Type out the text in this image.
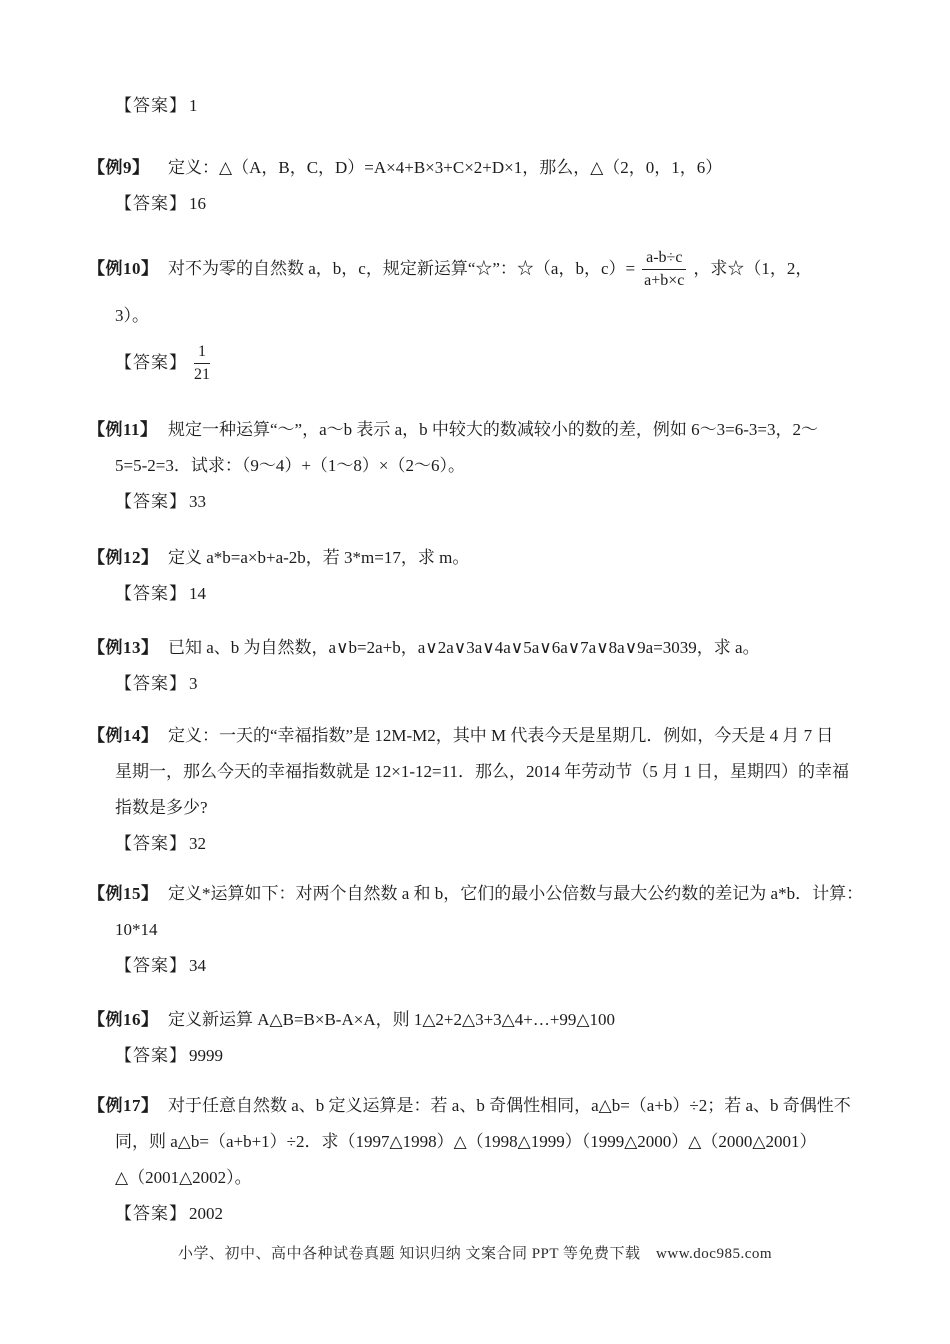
【答案】 1
【例9】	定义：△（A，B，C，D）=A×4+B×3+C×2+D×1，那么，△（2，0，1，6）
【答案】 16
【例10】 对不为零的自然数 a，b，c，规定新运算“☆”：☆（a，b，$c)= \frac{a-b\div c}{a+b\times c}$ ，求☆（1，2，
3）。
【答案】 $\frac{1}{21}$
【例11】 规定一种运算“～”，a～b 表示 a，b 中较大的数减较小的数的差，例如 6～3=6-3=3，2～
5=5-2=3．试求：（9～4）+（1～8）×（2～6）。
【答案】 33
【例12】 定义 a*b=a×b+a-2b，若 3*m=17，求 m。
【答案】 14
【例13】 已知 a、b 为自然数，a∨b=2a+b，a∨2a∨3a∨4a∨5a∨6a∨7a∨8a∨9a=3039，求 a。
【答案】 3
【例14】 定义：一天的“幸福指数”是 12M-M2，其中 M 代表今天是星期几．例如，今天是 4 月 7 日
星期一，那么今天的幸福指数就是 12×1-12=11．那么，2014 年劳动节（5 月 1 日，星期四）的幸福
指数是多少?
【答案】 32
【例15】 定义*运算如下：对两个自然数 a 和 b，它们的最小公倍数与最大公约数的差记为 a*b．计算：
10*14
【答案】 34
【例16】 定义新运算 A△B=B×B-A×A，则 1△2+2△3+3△4+…+99△100
【答案】 9999
【例17】 对于任意自然数 a、b 定义运算是：若 a、b 奇偶性相同，a△b=（a+b）÷2；若 a、b 奇偶性不
同，则 a△b=（a+b+1）÷2．求（1997△1998）△（1998△1999）（1999△2000）△（2000△2001）
△（2001△2002）。
【答案】 2002
小学、初中、高中各种试卷真题 知识归纳 文案合同 PPT 等免费下载　www.doc985.com
